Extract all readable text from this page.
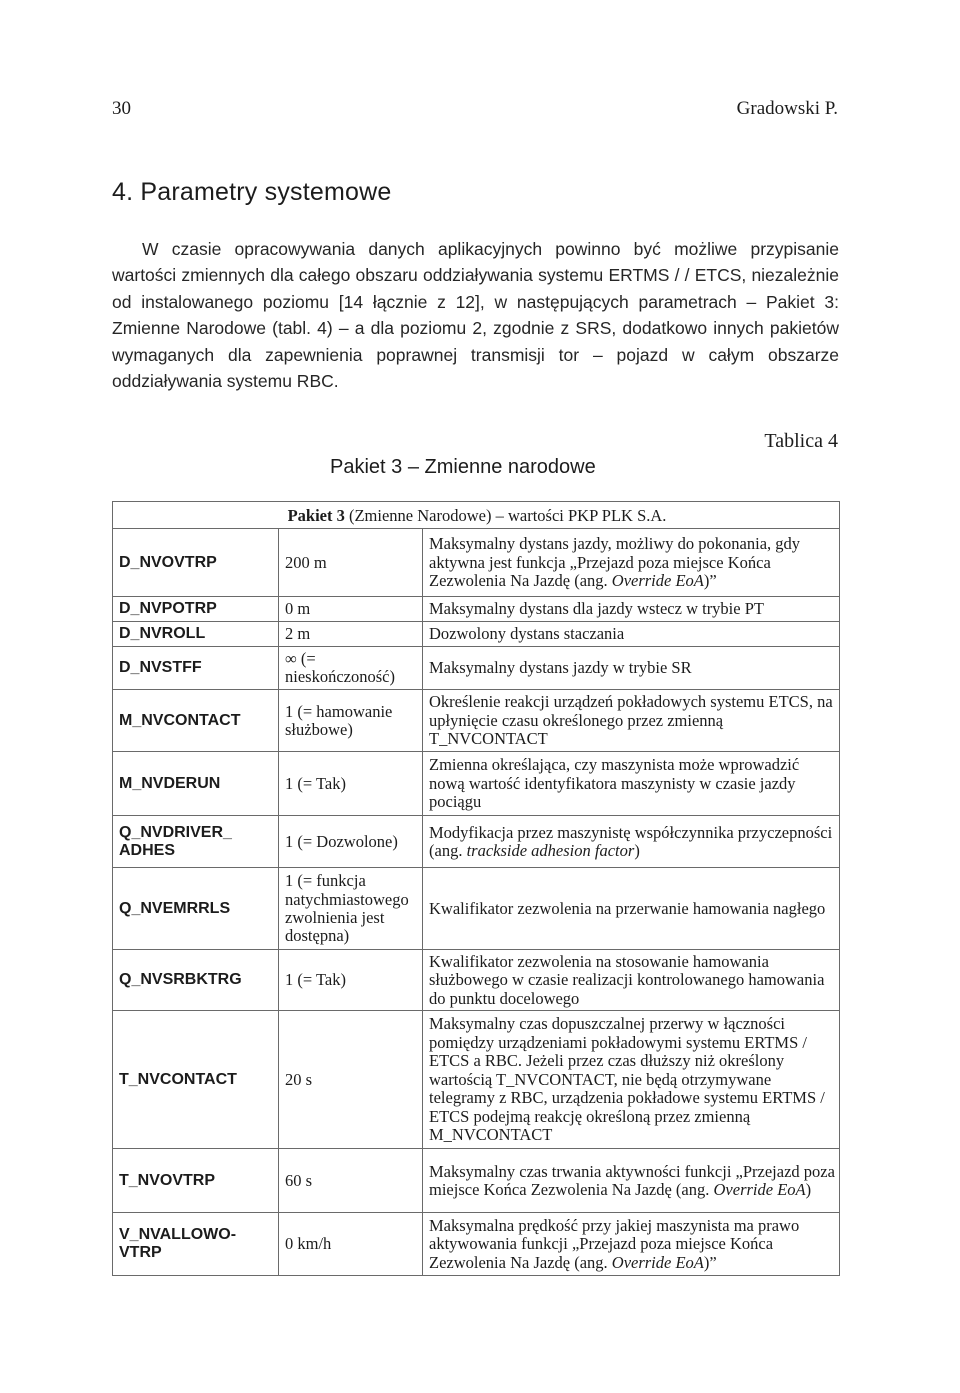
30	Gradowski P.
4. Parametry systemowe

W czasie opracowywania danych aplikacyjnych powinno być możliwe przypisanie wartości zmiennych dla całego obszaru oddziaływania systemu ERTMS / / ETCS, niezależnie od instalowanego poziomu [14 łącznie z 12], w następujących parametrach – Pakiet 3: Zmienne Narodowe (tabl. 4) – a dla poziomu 2, zgodnie z SRS, dodatkowo innych pakietów wymaganych dla zapewnienia poprawnej transmisji tor – pojazd w całym obszarze oddziaływania systemu RBC.

Tablica 4
Pakiet 3 – Zmienne narodowe
Pakiet 3 (Zmienne Narodowe) – wartości PKP PLK S.A.		
D_NVOVTRP	200 m	Maksymalny dystans jazdy, możliwy do pokonania, gdy aktywna jest funkcja „Przejazd poza miejsce Końca Zezwolenia Na Jazdę (ang. Override EoA)”
D_NVPOTRP	0 m	Maksymalny dystans dla jazdy wstecz w trybie PT
D_NVROLL	2 m	Dozwolony dystans staczania
D_NVSTFF	∞ (= nieskończoność)	Maksymalny dystans jazdy w trybie SR
M_NVCONTACT	1 (= hamowanie służbowe)	Określenie reakcji urządzeń pokładowych systemu ETCS, na upłynięcie czasu określonego przez zmienną T_NVCONTACT
M_NVDERUN	1 (= Tak)	Zmienna określająca, czy maszynista może wprowadzić nową wartość identyfikatora maszynisty w czasie jazdy pociągu
Q_NVDRIVER_ ADHES	1 (= Dozwolone)	Modyfikacja przez maszynistę współczynnika przyczepności (ang. trackside adhesion factor)
Q_NVEMRRLS	1 (= funkcja natychmiastowego zwolnienia jest dostępna)	Kwalifikator zezwolenia na przerwanie hamowania nagłego
Q_NVSRBKTRG	1 (= Tak)	Kwalifikator zezwolenia na stosowanie hamowania służbowego w czasie realizacji kontrolowanego hamowania do punktu docelowego
T_NVCONTACT	20 s	Maksymalny czas dopuszczalnej przerwy w łączności pomiędzy urządzeniami pokładowymi systemu ERTMS / ETCS a RBC. Jeżeli przez czas dłuższy niż określony wartością T_NVCONTACT, nie będą otrzymywane telegramy z RBC, urządzenia pokładowe systemu ERTMS / ETCS podejmą reakcję określoną przez zmienną M_NVCONTACT
T_NVOVTRP	60 s	Maksymalny czas trwania aktywności funkcji „Przejazd poza miejsce Końca Zezwolenia Na Jazdę (ang. Override EoA)
V_NVALLOWO-VTRP	0 km/h	Maksymalna prędkość przy jakiej maszynista ma prawo aktywowania funkcji „Przejazd poza miejsce Końca Zezwolenia Na Jazdę (ang. Override EoA)”
